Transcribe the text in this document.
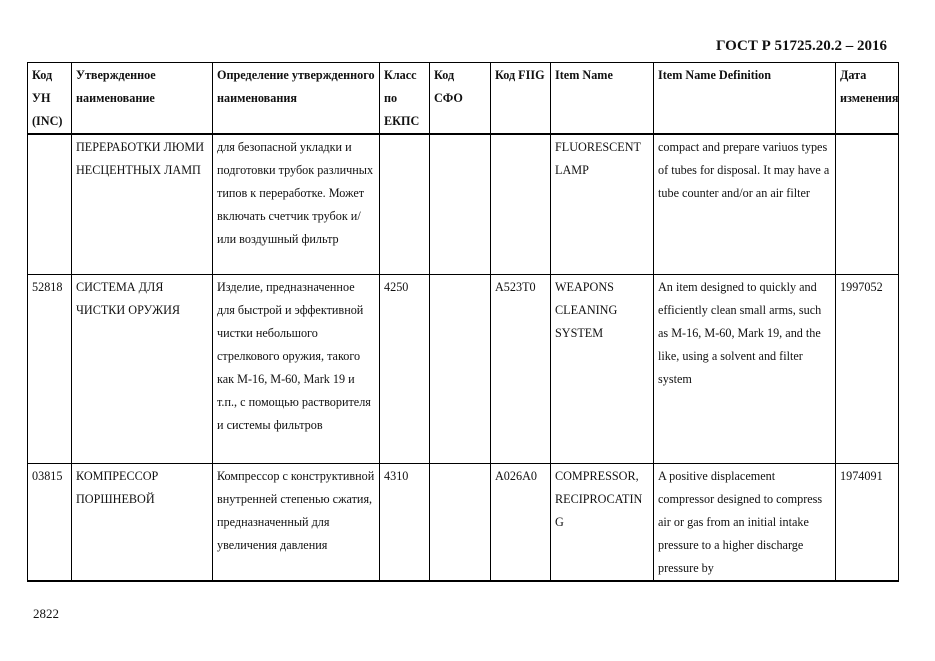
ГОСТ Р 51725.20.2 – 2016
Код УН (INC)	Утвержденное наименование	Определение утвержденного наименования	Класс по ЕКПС	Код СФО	Код FIIG	Item Name	Item Name Definition	Дата изменения
	ПЕРЕРАБОТКИ ЛЮМИНЕСЦЕНТНЫХ ЛАМП	для безопасной укладки и подготовки трубок различных типов к переработке. Может включать счетчик трубок и/или воздушный фильтр				FLUORESCENT LAMP	compact and prepare variuos types of tubes for disposal. It may have a tube counter and/or an air filter	
52818	СИСТЕМА ДЛЯ ЧИСТКИ ОРУЖИЯ	Изделие, предназначенное для быстрой и эффективной чистки небольшого стрелкового оружия, такого как M-16, M-60, Mark 19 и т.п., с помощью растворителя и системы фильтров	4250		A523T0	WEAPONS CLEANING SYSTEM	An item designed to quickly and efficiently clean small arms, such as M-16, M-60, Mark 19, and the like, using a solvent and filter system	1997052
03815	КОМПРЕССОР ПОРШНЕВОЙ	Компрессор с конструктивной внутренней степенью сжатия, предназначенный для увеличения давления	4310		A026A0	COMPRESSOR, RECIPROCATING	A positive displacement compressor designed to compress air or gas from an initial intake pressure to a higher discharge pressure by	1974091
2822
